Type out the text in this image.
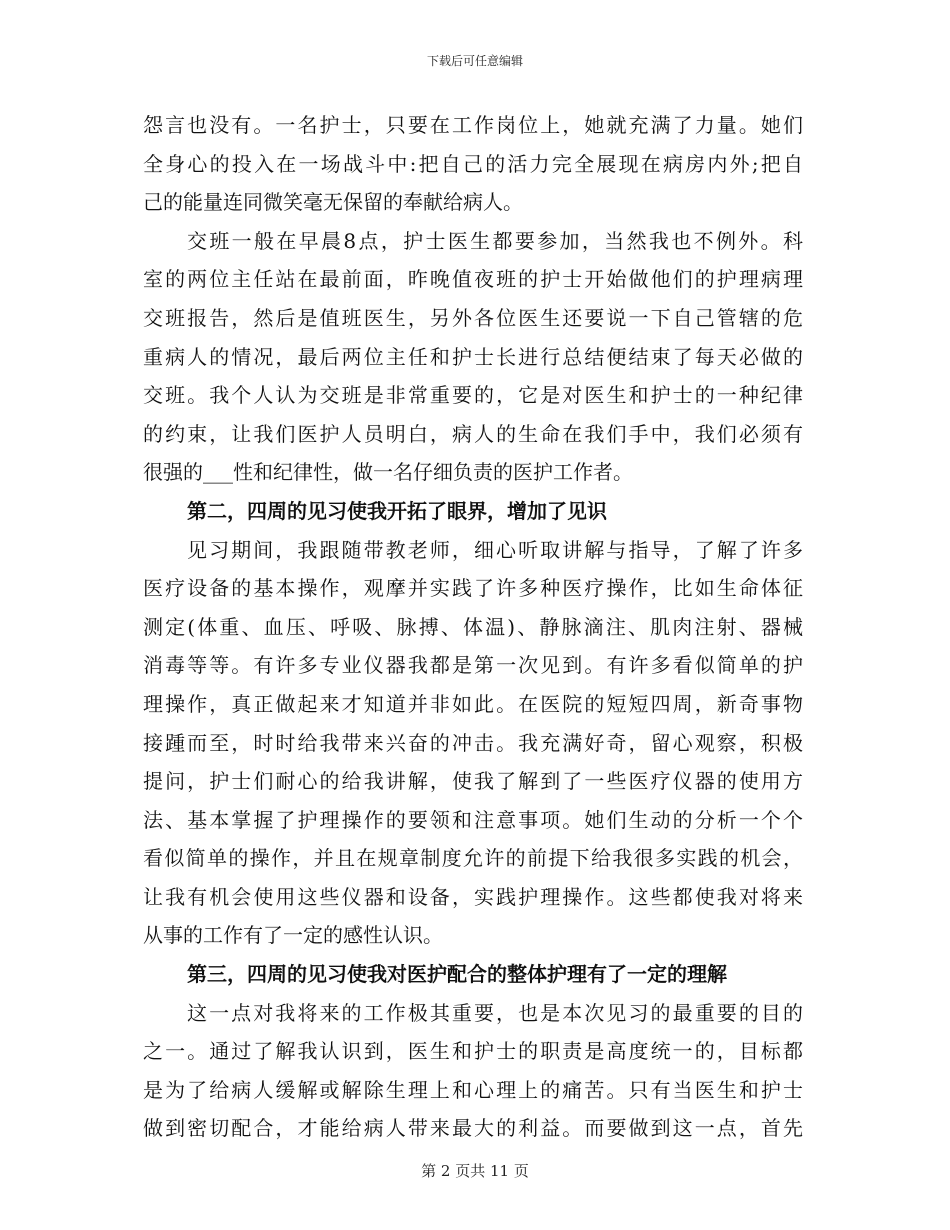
下载后可任意编辑
怨言也没有。一名护士，只要在工作岗位上，她就充满了力量。她们
全身心的投入在一场战斗中:把自己的活力完全展现在病房内外;把自
己的能量连同微笑毫无保留的奉献给病人。
交班一般在早晨8点，护士医生都要参加，当然我也不例外。科
室的两位主任站在最前面，昨晚值夜班的护士开始做他们的护理病理
交班报告，然后是值班医生，另外各位医生还要说一下自己管辖的危
重病人的情况，最后两位主任和护士长进行总结便结束了每天必做的
交班。我个人认为交班是非常重要的，它是对医生和护士的一种纪律
的约束，让我们医护人员明白，病人的生命在我们手中，我们必须有
很强的___性和纪律性，做一名仔细负责的医护工作者。
第二，四周的见习使我开拓了眼界，增加了见识
见习期间，我跟随带教老师，细心听取讲解与指导，了解了许多
医疗设备的基本操作，观摩并实践了许多种医疗操作，比如生命体征
测定(体重、血压、呼吸、脉搏、体温)、静脉滴注、肌肉注射、器械
消毒等等。有许多专业仪器我都是第一次见到。有许多看似简单的护
理操作，真正做起来才知道并非如此。在医院的短短四周，新奇事物
接踵而至，时时给我带来兴奋的冲击。我充满好奇，留心观察，积极
提问，护士们耐心的给我讲解，使我了解到了一些医疗仪器的使用方
法、基本掌握了护理操作的要领和注意事项。她们生动的分析一个个
看似简单的操作，并且在规章制度允许的前提下给我很多实践的机会，
让我有机会使用这些仪器和设备，实践护理操作。这些都使我对将来
从事的工作有了一定的感性认识。
第三，四周的见习使我对医护配合的整体护理有了一定的理解
这一点对我将来的工作极其重要，也是本次见习的最重要的目的
之一。通过了解我认识到，医生和护士的职责是高度统一的，目标都
是为了给病人缓解或解除生理上和心理上的痛苦。只有当医生和护士
做到密切配合，才能给病人带来最大的利益。而要做到这一点，首先
第 2 页共 11 页
